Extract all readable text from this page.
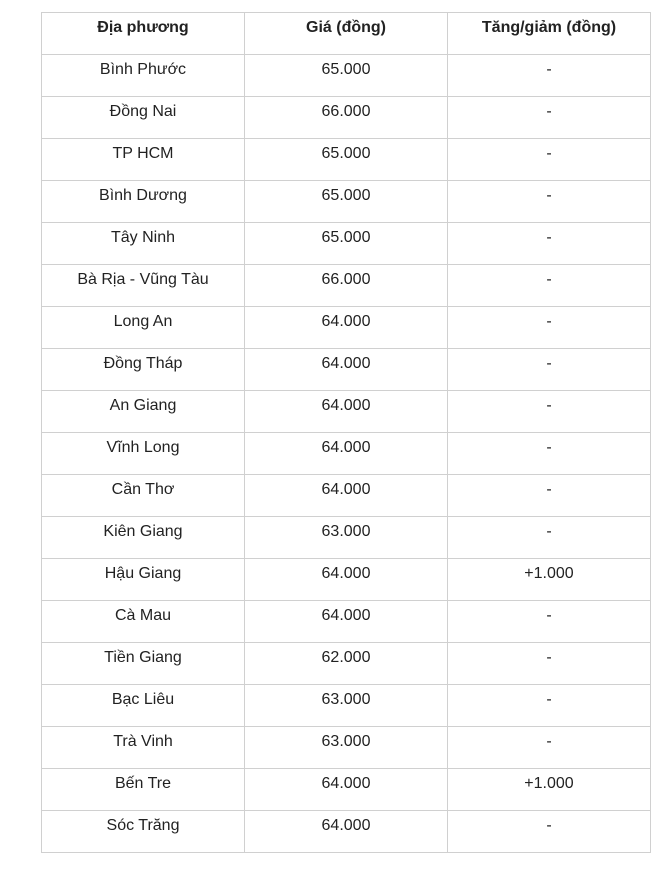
Địa phương	Giá (đồng)	Tăng/giảm (đồng)
Bình Phước	65.000	-
Đồng Nai	66.000	-
TP HCM	65.000	-
Bình Dương	65.000	-
Tây Ninh	65.000	-
Bà Rịa - Vũng Tàu	66.000	-
Long An	64.000	-
Đồng Tháp	64.000	-
An Giang	64.000	-
Vĩnh Long	64.000	-
Cần Thơ	64.000	-
Kiên Giang	63.000	-
Hậu Giang	64.000	+1.000
Cà Mau	64.000	-
Tiền Giang	62.000	-
Bạc Liêu	63.000	-
Trà Vinh	63.000	-
Bến Tre	64.000	+1.000
Sóc Trăng	64.000	-
